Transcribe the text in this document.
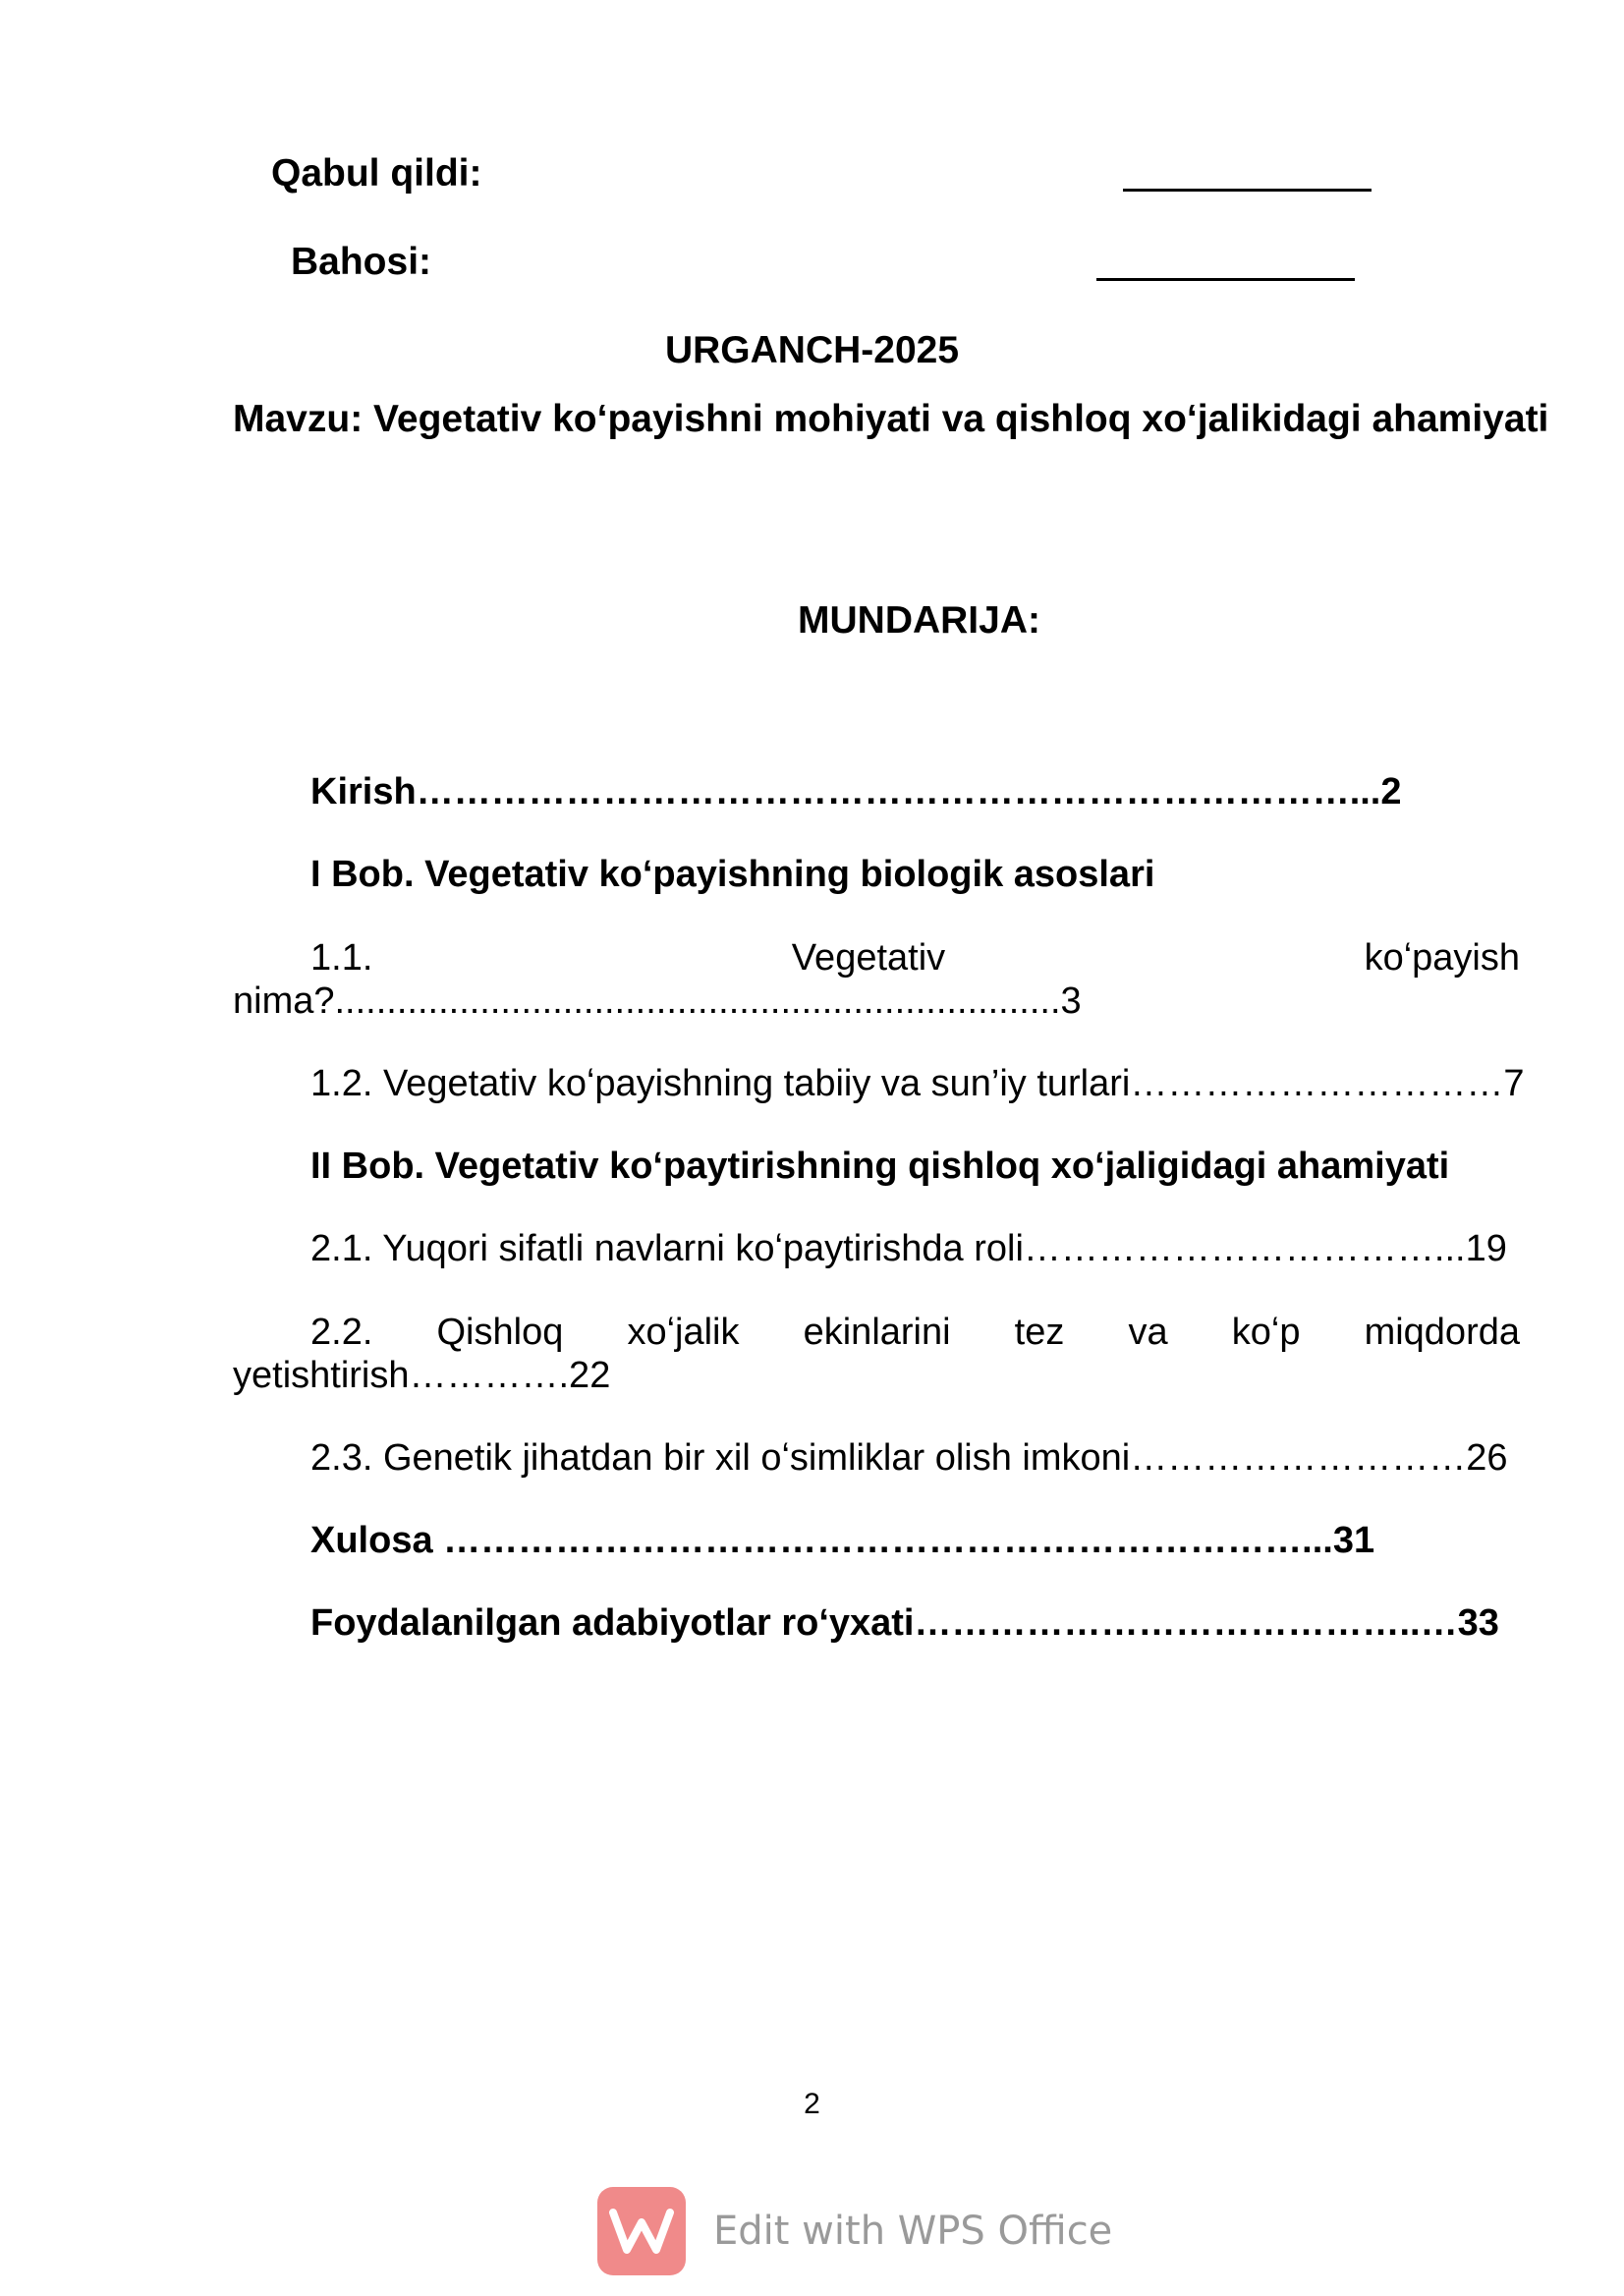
Qabul qildi:
Bahosi:
URGANCH-2025
Mavzu: Vegetativ koʻpayishni mohiyati va qishloq xoʻjalikidagi ahamiyati
MUNDARIJA:
Kirish…………………………………………………………………...2
I Bob. Vegetativ koʻpayishning biologik asoslari
1.1. Vegetativ koʻpayish nima?......................................................................3
1.2. Vegetativ koʻpayishning tabiiy va sun’iy turlari…………………………7
II Bob. Vegetativ koʻpaytirishning qishloq xoʻjaligidagi ahamiyati
2.1. Yuqori sifatli navlarni koʻpaytirishda roli……………………………...19
2.2. Qishloq xoʻjalik ekinlarini tez va koʻp miqdorda yetishtirish………….22
2.3. Genetik jihatdan bir xil oʻsimliklar olish imkoni………………………26
Xulosa ……………………………………………………………...31
Foydalanilgan adabiyotlar roʻyxati…………………………………..…33
2
Edit with WPS Office
